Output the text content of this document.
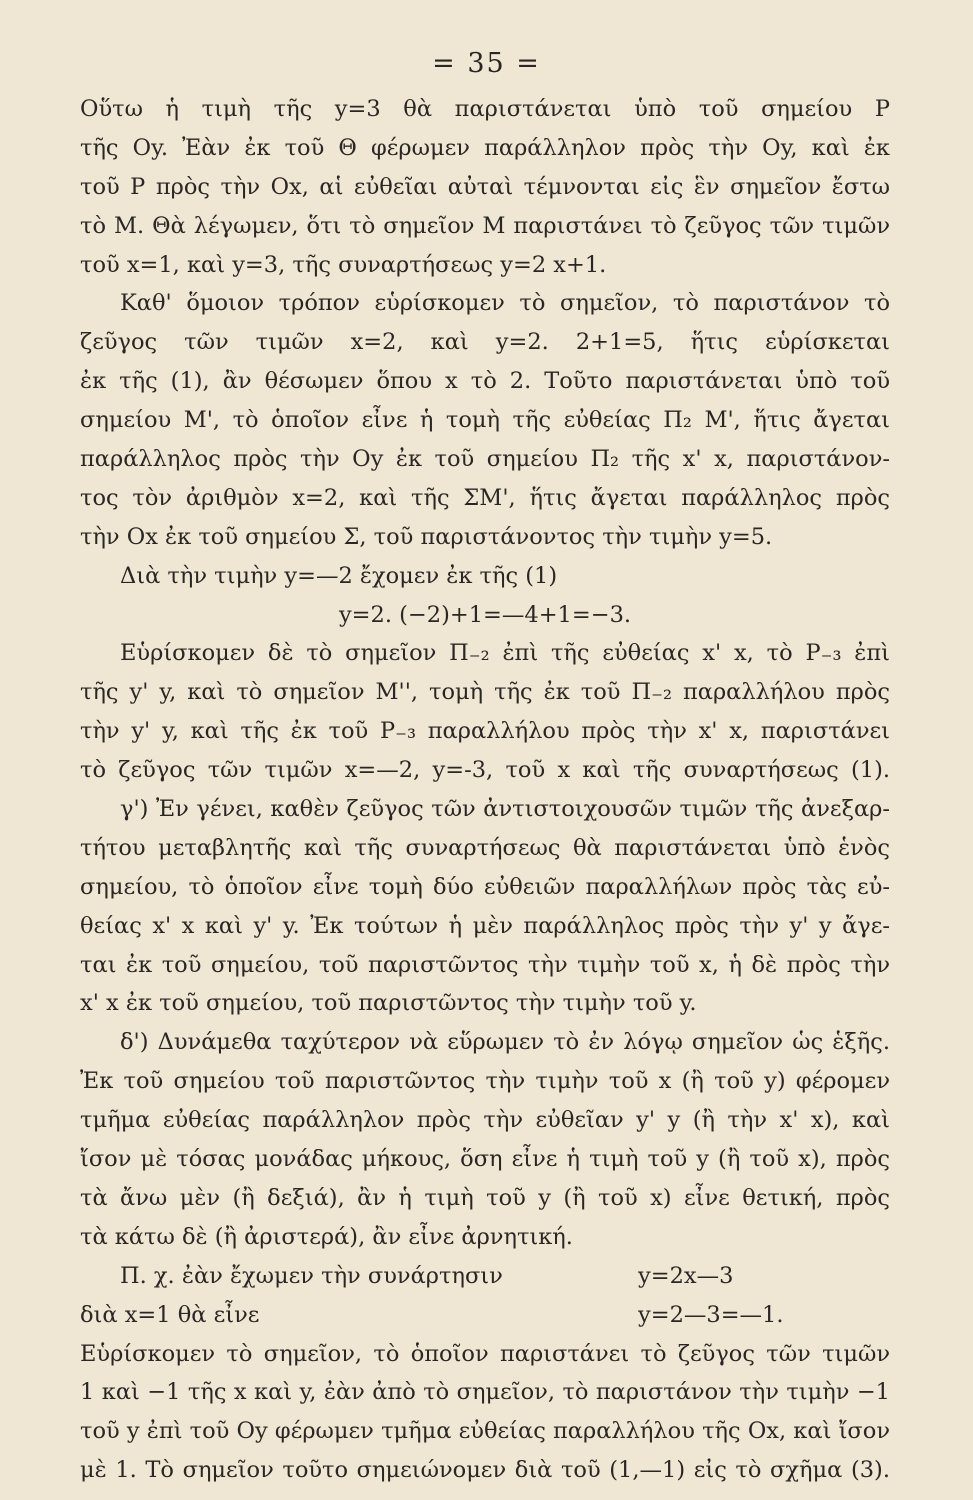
= 35 =
Οὕτω ἡ τιμὴ τῆς y=3 θὰ παριστάνεται ὑπὸ τοῦ σημείου Ρ
τῆς Oy. Ἐὰν ἐκ τοῦ Θ φέρωμεν παράλληλον πρὸς τὴν Oy, καὶ ἐκ
τοῦ Ρ πρὸς τὴν Ox, αἱ εὐθεῖαι αὐταὶ τέμνονται εἰς ἓν σημεῖον ἔστω
τὸ Μ. Θὰ λέγωμεν, ὅτι τὸ σημεῖον Μ παριστάνει τὸ ζεῦγος τῶν τιμῶν
τοῦ x=1, καὶ y=3, τῆς συναρτήσεως y=2 x+1.
Καθ' ὅμοιον τρόπον εὑρίσκομεν τὸ σημεῖον, τὸ παριστάνον τὸ
ζεῦγος τῶν τιμῶν x=2, καὶ y=2. 2+1=5, ἥτις εὑρίσκεται
ἐκ τῆς (1), ἂν θέσωμεν ὅπου x τὸ 2. Τοῦτο παριστάνεται ὑπὸ τοῦ
σημείου Μ', τὸ ὁποῖον εἶνε ἡ τομὴ τῆς εὐθείας Π₂ Μ', ἥτις ἄγεται
παράλληλος πρὸς τὴν Oy ἐκ τοῦ σημείου Π₂ τῆς x' x, παριστάνον-
τος τὸν ἀριθμὸν x=2, καὶ τῆς ΣΜ', ἥτις ἄγεται παράλληλος πρὸς
τὴν Ox ἐκ τοῦ σημείου Σ, τοῦ παριστάνοντος τὴν τιμὴν y=5.
Διὰ τὴν τιμὴν y=—2 ἔχομεν ἐκ τῆς (1)
y=2. (−2)+1=—4+1=−3.
Εὑρίσκομεν δὲ τὸ σημεῖον Π₋₂ ἐπὶ τῆς εὐθείας x' x, τὸ Ρ₋₃ ἐπὶ
τῆς y' y, καὶ τὸ σημεῖον Μ'', τομὴ τῆς ἐκ τοῦ Π₋₂ παραλλήλου πρὸς
τὴν y' y, καὶ τῆς ἐκ τοῦ Ρ₋₃ παραλλήλου πρὸς τὴν x' x, παριστάνει
τὸ ζεῦγος τῶν τιμῶν x=—2, y=-3, τοῦ x καὶ τῆς συναρτήσεως (1).
γ') Ἐν γένει, καθὲν ζεῦγος τῶν ἀντιστοιχουσῶν τιμῶν τῆς ἀνεξαρ-
τήτου μεταβλητῆς καὶ τῆς συναρτήσεως θὰ παριστάνεται ὑπὸ ἑνὸς
σημείου, τὸ ὁποῖον εἶνε τομὴ δύο εὐθειῶν παραλλήλων πρὸς τὰς εὐ-
θείας x' x καὶ y' y. Ἐκ τούτων ἡ μὲν παράλληλος πρὸς τὴν y' y ἄγε-
ται ἐκ τοῦ σημείου, τοῦ παριστῶντος τὴν τιμὴν τοῦ x, ἡ δὲ πρὸς τὴν
x' x ἐκ τοῦ σημείου, τοῦ παριστῶντος τὴν τιμὴν τοῦ y.
δ') Δυνάμεθα ταχύτερον νὰ εὕρωμεν τὸ ἐν λόγῳ σημεῖον ὡς ἑξῆς.
Ἐκ τοῦ σημείου τοῦ παριστῶντος τὴν τιμὴν τοῦ x (ἢ τοῦ y) φέρομεν
τμῆμα εὐθείας παράλληλον πρὸς τὴν εὐθεῖαν y' y (ἢ τὴν x' x), καὶ
ἴσον μὲ τόσας μονάδας μήκους, ὅση εἶνε ἡ τιμὴ τοῦ y (ἢ τοῦ x), πρὸς
τὰ ἄνω μὲν (ἢ δεξιά), ἂν ἡ τιμὴ τοῦ y (ἢ τοῦ x) εἶνε θετική, πρὸς
τὰ κάτω δὲ (ἢ ἀριστερά), ἂν εἶνε ἀρνητική.
Π. χ. ἐὰν ἔχωμεν τὴν συνάρτησιν	y=2x—3
διὰ x=1 θὰ εἶνε	y=2—3=—1.
Εὑρίσκομεν τὸ σημεῖον, τὸ ὁποῖον παριστάνει τὸ ζεῦγος τῶν τιμῶν
1 καὶ −1 τῆς x καὶ y, ἐὰν ἀπὸ τὸ σημεῖον, τὸ παριστάνον τὴν τιμὴν −1
τοῦ y ἐπὶ τοῦ Oy φέρωμεν τμῆμα εὐθείας παραλλήλου τῆς Ox, καὶ ἴσον
μὲ 1. Τὸ σημεῖον τοῦτο σημειώνομεν διὰ τοῦ (1,—1) εἰς τὸ σχῆμα (3).
